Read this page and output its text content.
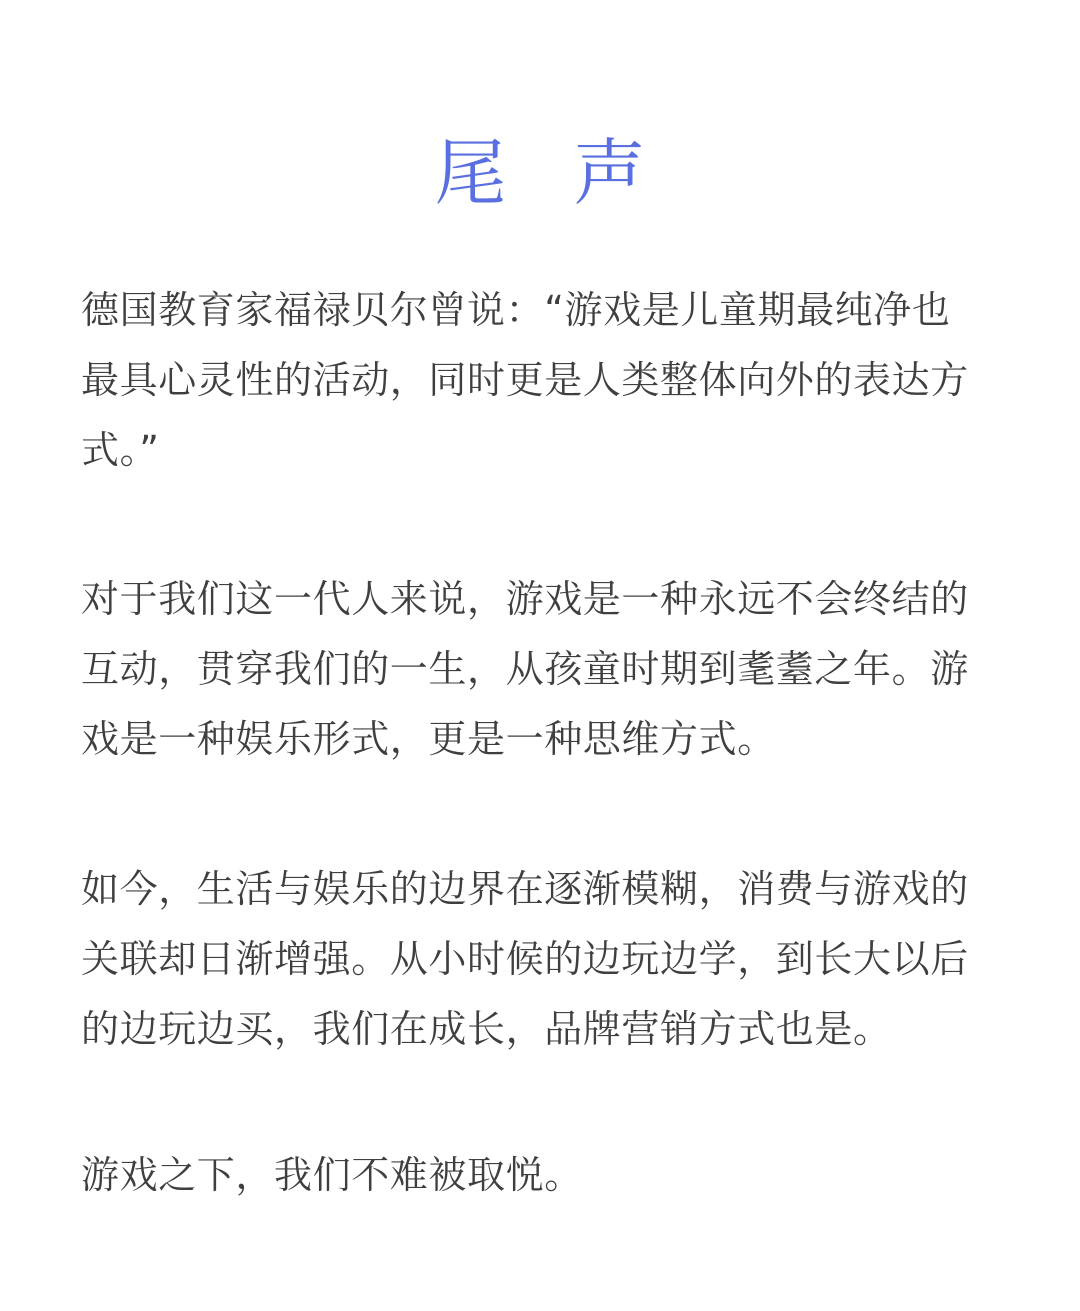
尾 声
德国教育家福禄贝尔曾说：“游戏是儿童期最纯净也
最具心灵性的活动，同时更是人类整体向外的表达方
式。”
对于我们这一代人来说，游戏是一种永远不会终结的
互动，贯穿我们的一生，从孩童时期到耄耋之年。游
戏是一种娱乐形式，更是一种思维方式。
如今，生活与娱乐的边界在逐渐模糊，消费与游戏的
关联却日渐增强。从小时候的边玩边学，到长大以后
的边玩边买，我们在成长，品牌营销方式也是。
游戏之下，我们不难被取悦。
